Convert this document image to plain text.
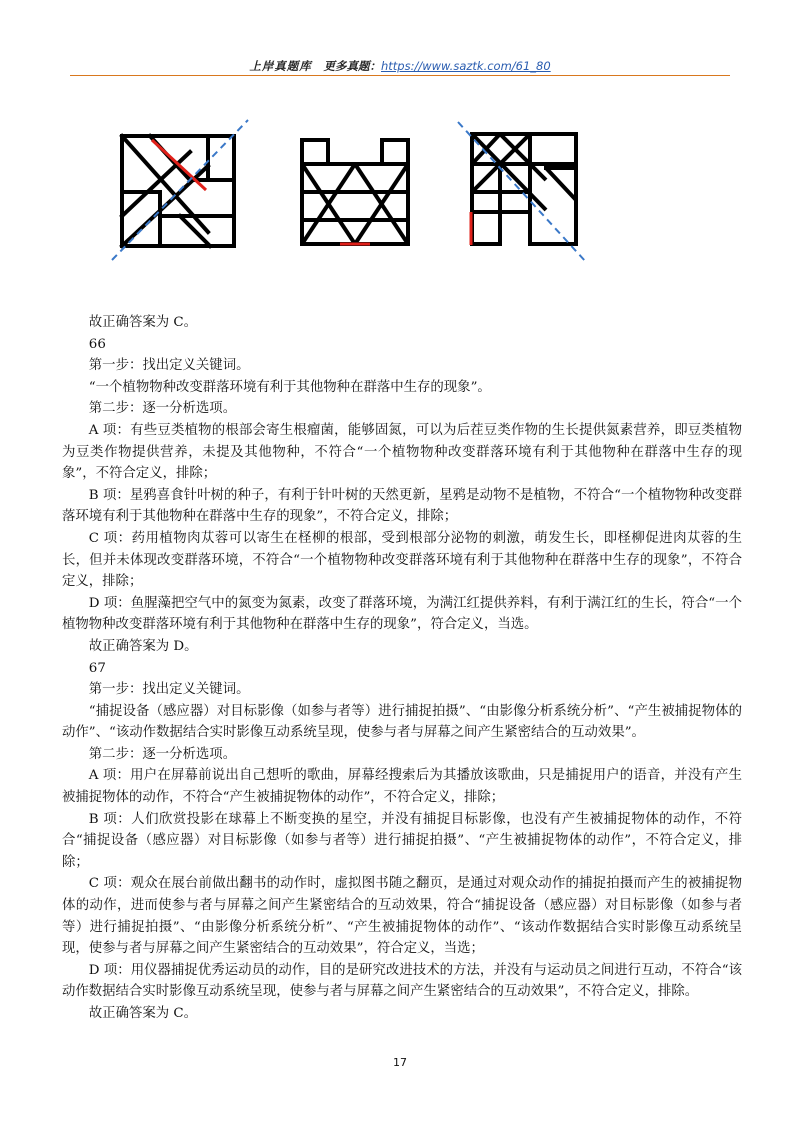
上岸真题库 更多真题：https://www.saztk.com/61_80

故正确答案为 C。

66

第一步：找出定义关键词。

“一个植物物种改变群落环境有利于其他物种在群落中生存的现象”。

第二步：逐一分析选项。

A 项：有些豆类植物的根部会寄生根瘤菌，能够固氮，可以为后茬豆类作物的生长提供氮素营养，即豆类植物为豆类作物提供营养，未提及其他物种，不符合“一个植物物种改变群落环境有利于其他物种在群落中生存的现象”，不符合定义，排除；

B 项：星鸦喜食针叶树的种子，有利于针叶树的天然更新，星鸦是动物不是植物，不符合“一个植物物种改变群落环境有利于其他物种在群落中生存的现象”，不符合定义，排除；

C 项：药用植物肉苁蓉可以寄生在柽柳的根部，受到根部分泌物的刺激，萌发生长，即柽柳促进肉苁蓉的生长，但并未体现改变群落环境，不符合“一个植物物种改变群落环境有利于其他物种在群落中生存的现象”，不符合定义，排除；

D 项：鱼腥藻把空气中的氮变为氮素，改变了群落环境，为满江红提供养料，有利于满江红的生长，符合“一个植物物种改变群落环境有利于其他物种在群落中生存的现象”，符合定义，当选。

故正确答案为 D。

67

第一步：找出定义关键词。

“捕捉设备（感应器）对目标影像（如参与者等）进行捕捉拍摄”、“由影像分析系统分析”、“产生被捕捉物体的动作”、“该动作数据结合实时影像互动系统呈现，使参与者与屏幕之间产生紧密结合的互动效果”。

第二步：逐一分析选项。

A 项：用户在屏幕前说出自己想听的歌曲，屏幕经搜索后为其播放该歌曲，只是捕捉用户的语音，并没有产生被捕捉物体的动作，不符合“产生被捕捉物体的动作”，不符合定义，排除；

B 项：人们欣赏投影在球幕上不断变换的星空，并没有捕捉目标影像，也没有产生被捕捉物体的动作，不符合“捕捉设备（感应器）对目标影像（如参与者等）进行捕捉拍摄”、“产生被捕捉物体的动作”，不符合定义，排除；

C 项：观众在展台前做出翻书的动作时，虚拟图书随之翻页，是通过对观众动作的捕捉拍摄而产生的被捕捉物体的动作，进而使参与者与屏幕之间产生紧密结合的互动效果，符合“捕捉设备（感应器）对目标影像（如参与者等）进行捕捉拍摄”、“由影像分析系统分析”、“产生被捕捉物体的动作”、“该动作数据结合实时影像互动系统呈现，使参与者与屏幕之间产生紧密结合的互动效果”，符合定义，当选；

D 项：用仪器捕捉优秀运动员的动作，目的是研究改进技术的方法，并没有与运动员之间进行互动，不符合“该动作数据结合实时影像互动系统呈现，使参与者与屏幕之间产生紧密结合的互动效果”，不符合定义，排除。

故正确答案为 C。

17
